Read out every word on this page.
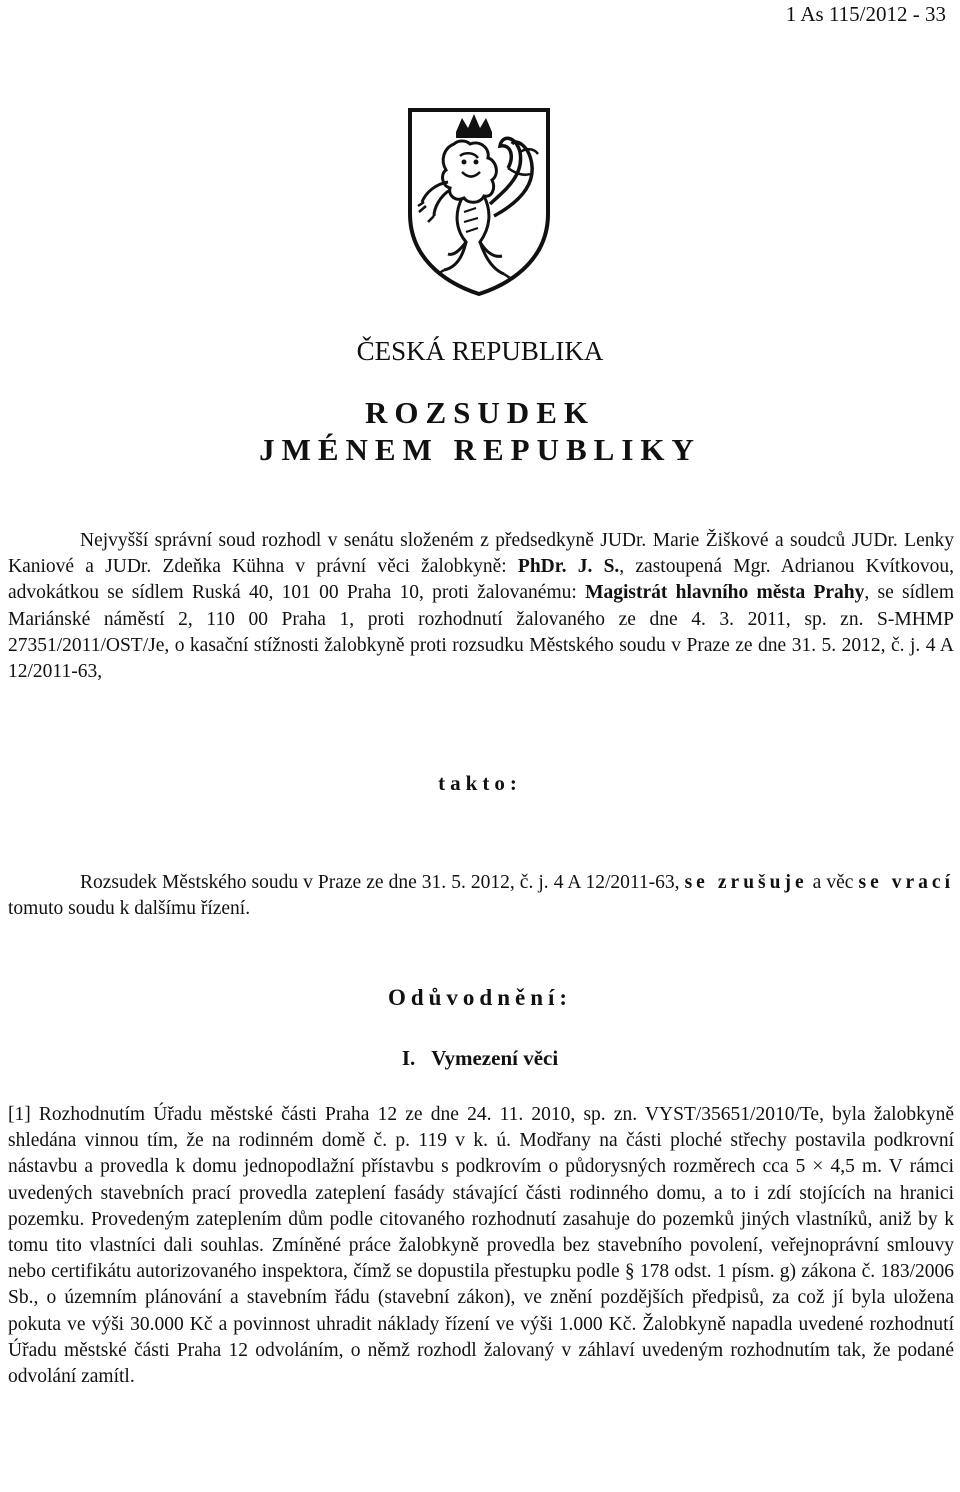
1 As 115/2012 - 33
ČESKÁ REPUBLIKA
ROZSUDEK
JMÉNEM REPUBLIKY

Nejvyšší správní soud rozhodl v senátu složeném z předsedkyně JUDr. Marie Žiškové a soudců JUDr. Lenky Kaniové a JUDr. Zdeňka Kühna v právní věci žalobkyně: PhDr. J. S., zastoupená Mgr. Adrianou Kvítkovou, advokátkou se sídlem Ruská 40, 101 00 Praha 10, proti žalovanému: Magistrát hlavního města Prahy, se sídlem Mariánské náměstí 2, 110 00 Praha 1, proti rozhodnutí žalovaného ze dne 4. 3. 2011, sp. zn. S-MHMP 27351/2011/OST/Je, o kasační stížnosti žalobkyně proti rozsudku Městského soudu v Praze ze dne 31. 5. 2012, č. j. 4 A 12/2011-63,

takto:

Rozsudek Městského soudu v Praze ze dne 31. 5. 2012, č. j. 4 A 12/2011-63, se zrušuje a věc se vrací tomuto soudu k dalšímu řízení.

Odůvodnění:
I. Vymezení věci

[1] Rozhodnutím Úřadu městské části Praha 12 ze dne 24. 11. 2010, sp. zn. VYST/35651/2010/Te, byla žalobkyně shledána vinnou tím, že na rodinném domě č. p. 119 v k. ú. Modřany na části ploché střechy postavila podkrovní nástavbu a provedla k domu jednopodlažní přístavbu s podkrovím o půdorysných rozměrech cca 5 × 4,5 m. V rámci uvedených stavebních prací provedla zateplení fasády stávající části rodinného domu, a to i zdí stojících na hranici pozemku. Provedeným zateplením dům podle citovaného rozhodnutí zasahuje do pozemků jiných vlastníků, aniž by k tomu tito vlastníci dali souhlas. Zmíněné práce žalobkyně provedla bez stavebního povolení, veřejnoprávní smlouvy nebo certifikátu autorizovaného inspektora, čímž se dopustila přestupku podle § 178 odst. 1 písm. g) zákona č. 183/2006 Sb., o územním plánování a stavebním řádu (stavební zákon), ve znění pozdějších předpisů, za což jí byla uložena pokuta ve výši 30.000 Kč a povinnost uhradit náklady řízení ve výši 1.000 Kč. Žalobkyně napadla uvedené rozhodnutí Úřadu městské části Praha 12 odvoláním, o němž rozhodl žalovaný v záhlaví uvedeným rozhodnutím tak, že podané odvolání zamítl.
